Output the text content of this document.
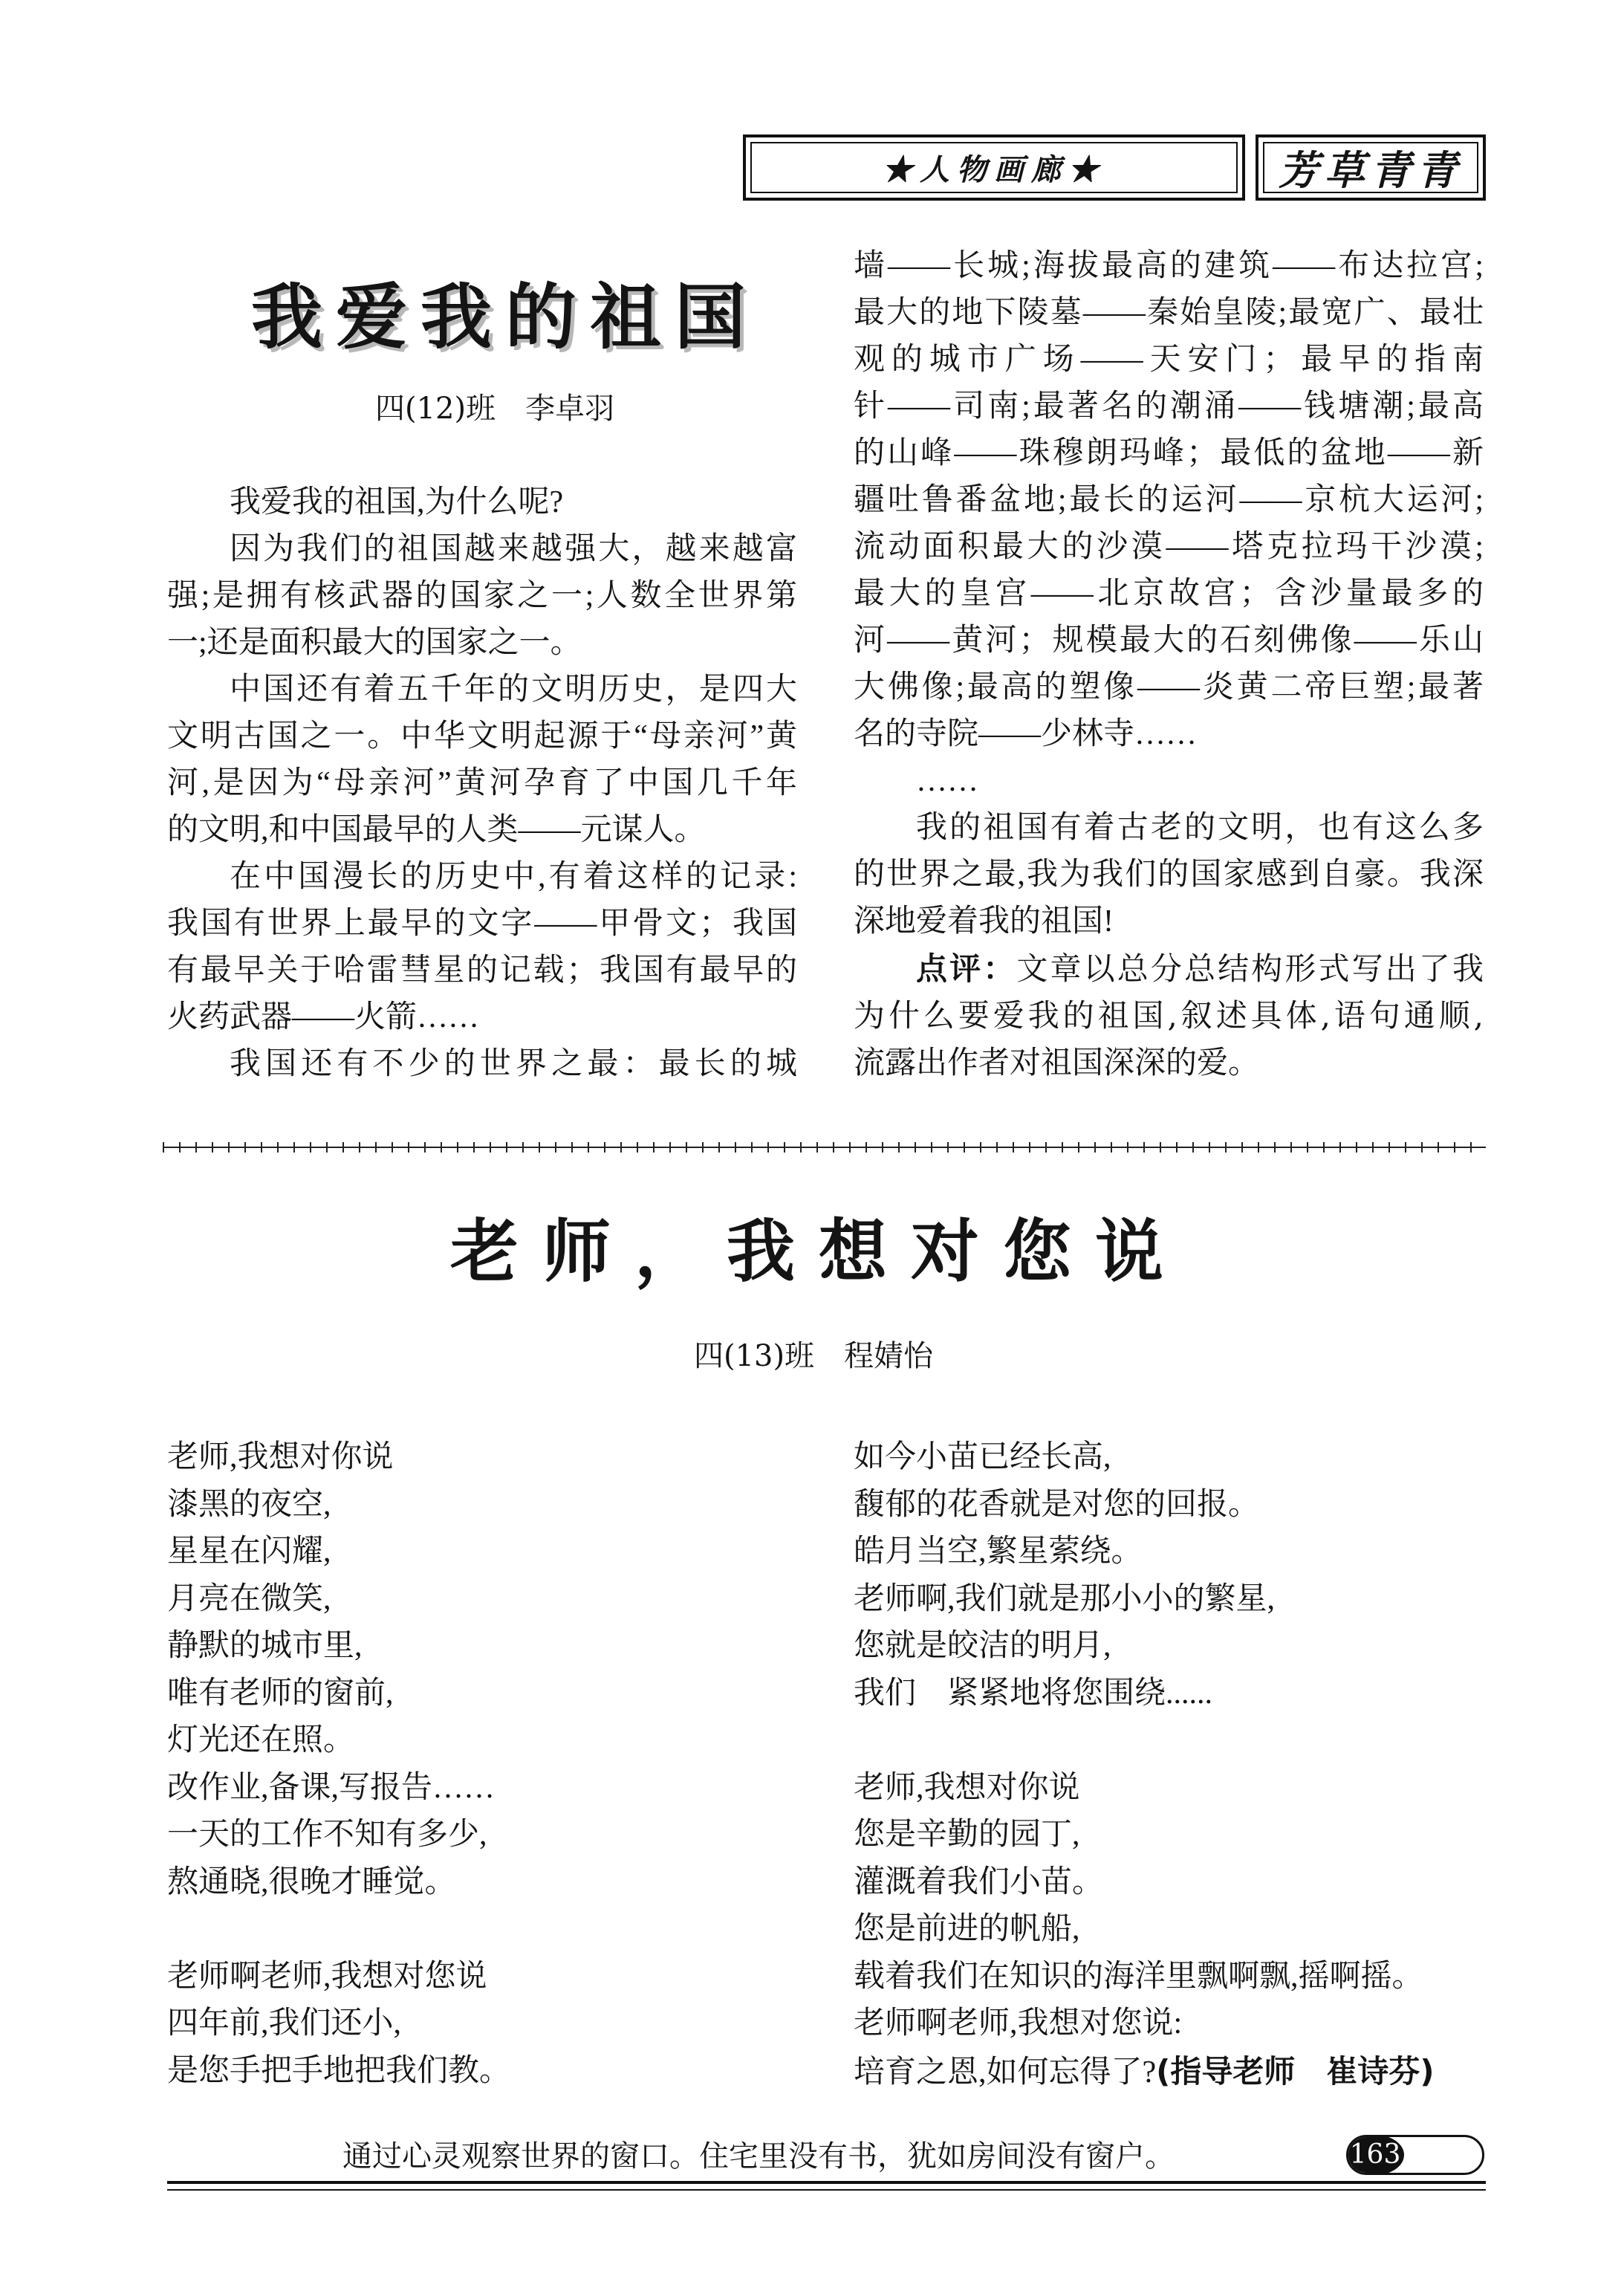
★人物画廊★	芳草青青
我爱我的祖国
四(12)班　李卓羽
我爱我的祖国,为什么呢?
因为我们的祖国越来越强大，越来越富
强;是拥有核武器的国家之一;人数全世界第
一;还是面积最大的国家之一。
中国还有着五千年的文明历史，是四大
文明古国之一。中华文明起源于“母亲河”黄
河,是因为“母亲河”黄河孕育了中国几千年
的文明,和中国最早的人类——元谋人。
在中国漫长的历史中,有着这样的记录:
我国有世界上最早的文字——甲骨文；我国
有最早关于哈雷彗星的记载；我国有最早的
火药武器——火箭……
我国还有不少的世界之最：最长的城
墙——长城;海拔最高的建筑——布达拉宫;
最大的地下陵墓——秦始皇陵;最宽广、最壮
观的城市广场——天安门；最早的指南
针——司南;最著名的潮涌——钱塘潮;最高
的山峰——珠穆朗玛峰；最低的盆地——新
疆吐鲁番盆地;最长的运河——京杭大运河;
流动面积最大的沙漠——塔克拉玛干沙漠;
最大的皇宫——北京故宫；含沙量最多的
河——黄河；规模最大的石刻佛像——乐山
大佛像;最高的塑像——炎黄二帝巨塑;最著
名的寺院——少林寺……
……
我的祖国有着古老的文明，也有这么多
的世界之最,我为我们的国家感到自豪。我深
深地爱着我的祖国!
点评：文章以总分总结构形式写出了我
为什么要爱我的祖国,叙述具体,语句通顺,
流露出作者对祖国深深的爱。
老师，我想对您说
四(13)班　程婧怡
老师,我想对你说
漆黑的夜空,
星星在闪耀,
月亮在微笑,
静默的城市里,
唯有老师的窗前,
灯光还在照。
改作业,备课,写报告……
一天的工作不知有多少,
熬通晓,很晚才睡觉。
老师啊老师,我想对您说
四年前,我们还小,
是您手把手地把我们教。
如今小苗已经长高,
馥郁的花香就是对您的回报。
皓月当空,繁星萦绕。
老师啊,我们就是那小小的繁星,
您就是皎洁的明月,
我们　紧紧地将您围绕......
老师,我想对你说
您是辛勤的园丁,
灌溉着我们小苗。
您是前进的帆船,
载着我们在知识的海洋里飘啊飘,摇啊摇。
老师啊老师,我想对您说:
培育之恩,如何忘得了?(指导老师　崔诗芬)
通过心灵观察世界的窗口。住宅里没有书，犹如房间没有窗户。	163
